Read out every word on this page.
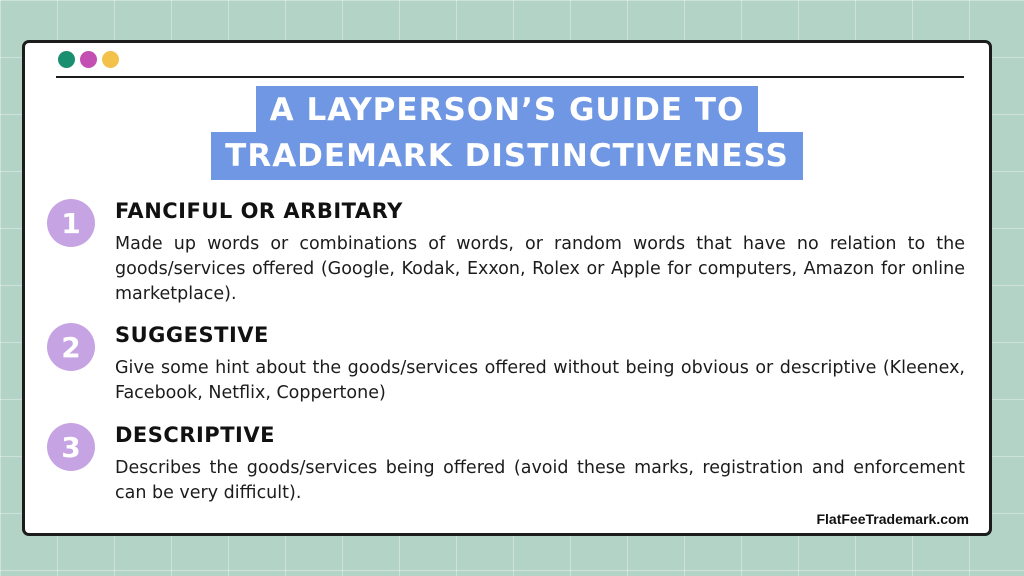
A LAYPERSON’S GUIDE TO
TRADEMARK DISTINCTIVENESS
1	FANCIFUL OR ARBITARY
Made up words or combinations of words, or random words that have no relation to the goods/services offered (Google, Kodak, Exxon, Rolex or Apple for computers, Amazon for online marketplace).
2	SUGGESTIVE
Give some hint about the goods/services offered without being obvious or descriptive (Kleenex, Facebook, Netflix, Coppertone)
3	DESCRIPTIVE
Describes the goods/services being offered (avoid these marks, registration and enforcement can be very difficult).
FlatFeeTrademark.com
